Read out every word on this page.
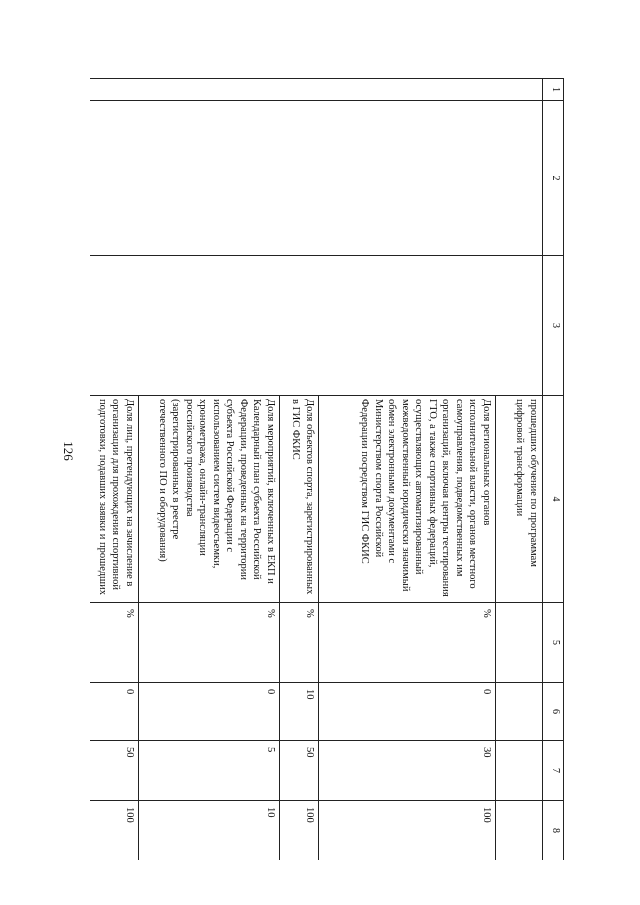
126
1	2	3	4	5	6	7	8
			прошедших обучение по программам цифровой трансформации				
			Доля региональных органов исполнительной власти, органов местного самоуправления, подведомственных им организаций, включая центры тестирования ГТО, а также спортивных федераций, осуществляющих автоматизированный межведомственный юридически значимый обмен электронными документами с Министерством спорта Российской Федерации посредством ГИС ФКИС	%	0	30	100
			Доля объектов спорта, зарегистрированных в ГИС ФКИС	%	10	50	100
			Доля мероприятий, включенных в ЕКП и Календарный план субъекта Российской Федерации, проведенных на территории субъекта Российской Федерации с использованием систем видеосъемки, хронометража, онлайн-трансляции российского производства (зарегистрированных в реестре отечественного ПО и оборудования)	%	0	5	10
			Доля лиц, претендующих на зачисление в организации для прохождения спортивной подготовки, подавших заявки и прошедших	%	0	50	100
